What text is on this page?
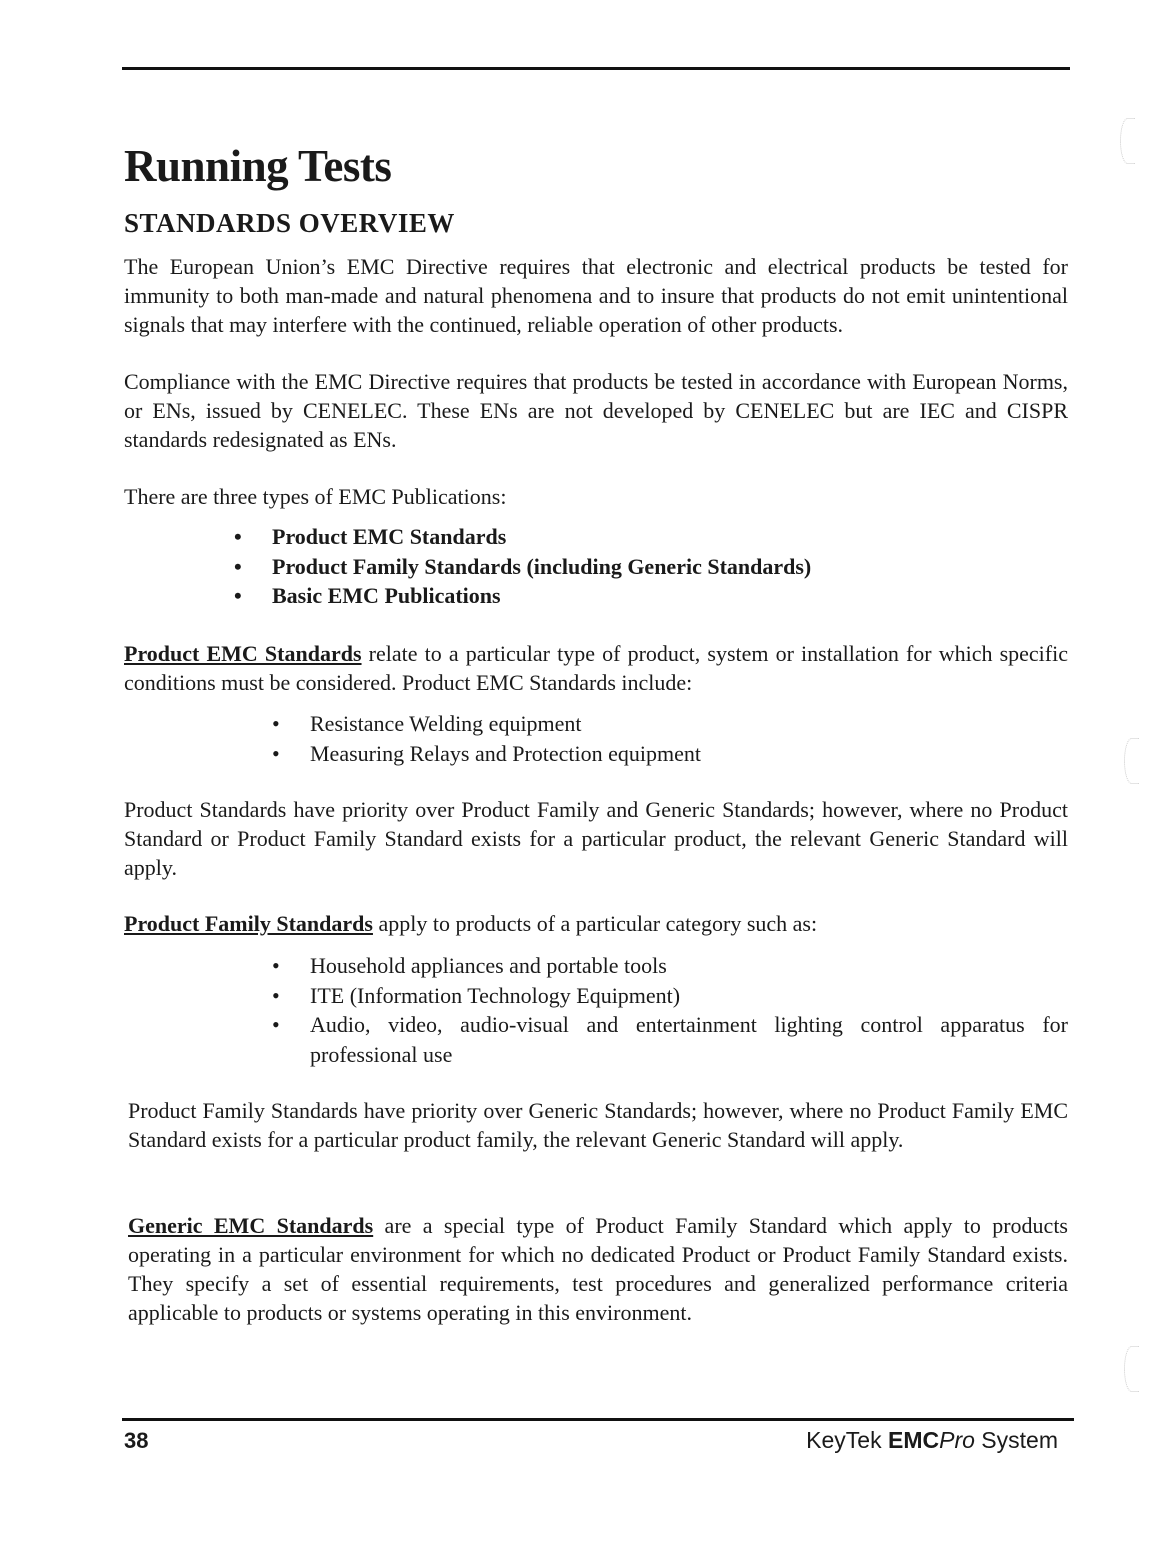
Running Tests
STANDARDS OVERVIEW

The European Union’s EMC Directive requires that electronic and electrical products be tested for immunity to both man-made and natural phenomena and to insure that products do not emit unintentional signals that may interfere with the continued, reliable operation of other products.

Compliance with the EMC Directive requires that products be tested in accordance with European Norms, or ENs, issued by CENELEC. These ENs are not developed by CENELEC but are IEC and CISPR standards redesignated as ENs.

There are three types of EMC Publications:

• Product EMC Standards
• Product Family Standards (including Generic Standards)
• Basic EMC Publications

Product EMC Standards relate to a particular type of product, system or installation for which specific conditions must be considered. Product EMC Standards include:

• Resistance Welding equipment
• Measuring Relays and Protection equipment

Product Standards have priority over Product Family and Generic Standards; however, where no Product Standard or Product Family Standard exists for a particular product, the relevant Generic Standard will apply.

Product Family Standards apply to products of a particular category such as:

• Household appliances and portable tools
• ITE (Information Technology Equipment)
• Audio, video, audio-visual and entertainment lighting control apparatus for professional use

Product Family Standards have priority over Generic Standards; however, where no Product Family EMC Standard exists for a particular product family, the relevant Generic Standard will apply.

Generic EMC Standards are a special type of Product Family Standard which apply to products operating in a particular environment for which no dedicated Product or Product Family Standard exists. They specify a set of essential requirements, test procedures and generalized performance criteria applicable to products or systems operating in this environment.

38	KeyTek EMCPro System
